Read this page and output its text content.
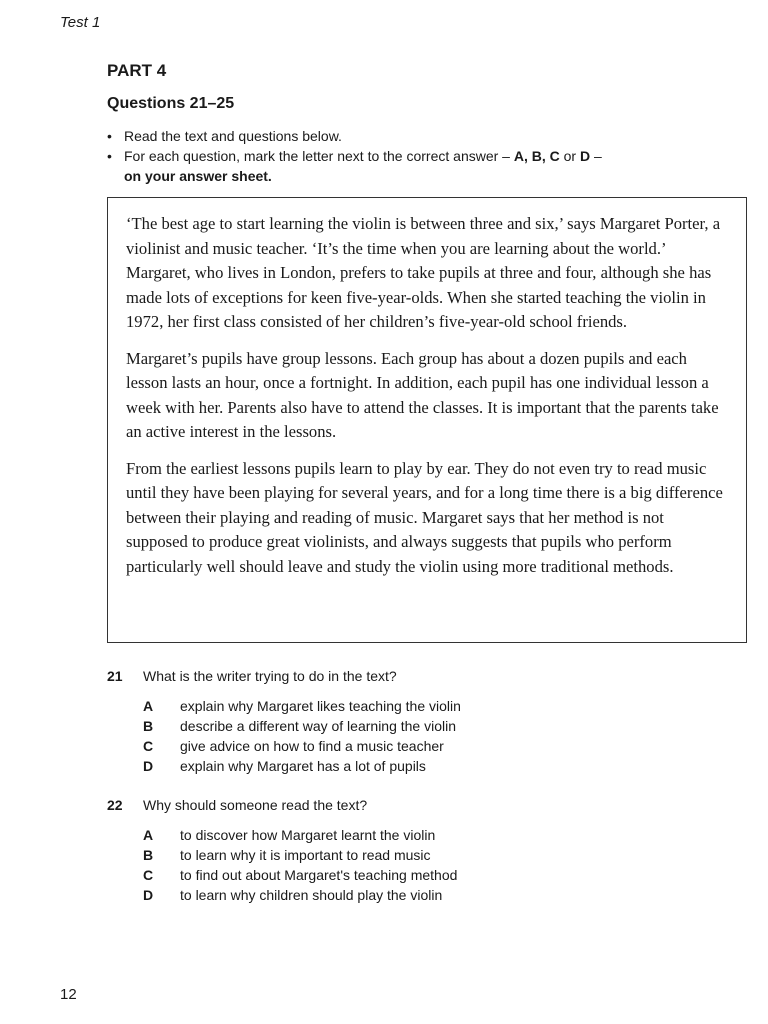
Test 1
PART 4
Questions 21–25
• Read the text and questions below.
• For each question, mark the letter next to the correct answer – A, B, C or D –
on your answer sheet.

‘The best age to start learning the violin is between three and six,’ says Margaret Porter, a violinist and music teacher. ‘It’s the time when you are learning about the world.’ Margaret, who lives in London, prefers to take pupils at three and four, although she has made lots of exceptions for keen five-year-olds. When she started teaching the violin in 1972, her first class consisted of her children’s five-year-old school friends.

Margaret’s pupils have group lessons. Each group has about a dozen pupils and each lesson lasts an hour, once a fortnight. In addition, each pupil has one individual lesson a week with her. Parents also have to attend the classes. It is important that the parents take an active interest in the lessons.

From the earliest lessons pupils learn to play by ear. They do not even try to read music until they have been playing for several years, and for a long time there is a big difference between their playing and reading of music. Margaret says that her method is not supposed to produce great violinists, and always suggests that pupils who perform particularly well should leave and study the violin using more traditional methods.

21 What is the writer trying to do in the text?
A explain why Margaret likes teaching the violin
B describe a different way of learning the violin
C give advice on how to find a music teacher
D explain why Margaret has a lot of pupils
22 Why should someone read the text?
A to discover how Margaret learnt the violin
B to learn why it is important to read music
C to find out about Margaret's teaching method
D to learn why children should play the violin
12
